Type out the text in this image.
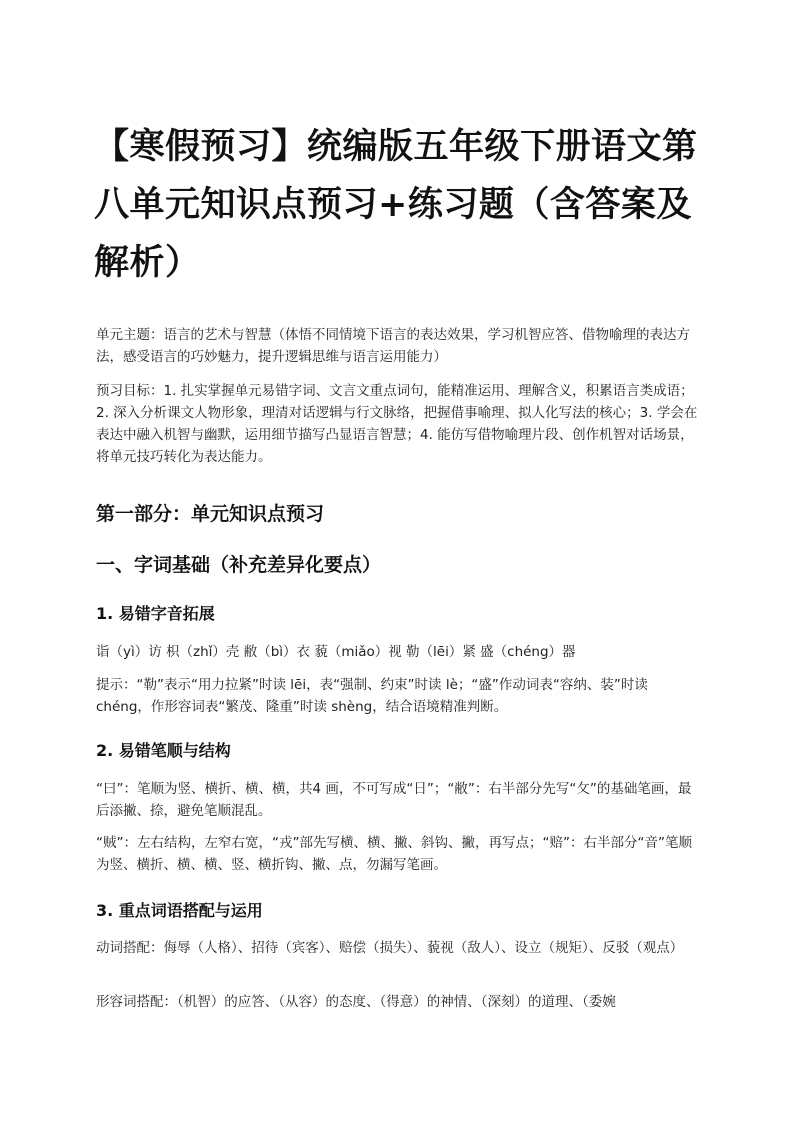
【寒假预习】统编版五年级下册语文第八单元知识点预习+练习题（含答案及解析）

单元主题：语言的艺术与智慧（体悟不同情境下语言的表达效果，学习机智应答、借物喻理的表达方法，感受语言的巧妙魅力，提升逻辑思维与语言运用能力）

预习目标：1. 扎实掌握单元易错字词、文言文重点词句，能精准运用、理解含义，积累语言类成语；2. 深入分析课文人物形象，理清对话逻辑与行文脉络，把握借事喻理、拟人化写法的核心；3. 学会在表达中融入机智与幽默，运用细节描写凸显语言智慧；4. 能仿写借物喻理片段、创作机智对话场景，将单元技巧转化为表达能力。

第一部分：单元知识点预习
一、字词基础（补充差异化要点）
1. 易错字音拓展

诣（yì）访 枳（zhǐ）壳 敝（bì）衣 藐（miǎo）视 勒（lēi）紧 盛（chéng）器

提示：“勒”表示“用力拉紧”时读 lēi，表“强制、约束”时读 lè；“盛”作动词表“容纳、装”时读 chéng，作形容词表“繁茂、隆重”时读 shèng，结合语境精准判断。

2. 易错笔顺与结构

“曰”：笔顺为竖、横折、横、横，共4 画，不可写成“日”；“敝”：右半部分先写“攵”的基础笔画，最后添撇、捺，避免笔顺混乱。

“贼”：左右结构，左窄右宽，“戎”部先写横、横、撇、斜钩、撇，再写点；“赔”：右半部分“音”笔顺为竖、横折、横、横、竖、横折钩、撇、点，勿漏写笔画。

3. 重点词语搭配与运用

动词搭配：侮辱（人格）、招待（宾客）、赔偿（损失）、藐视（敌人）、设立（规矩）、反驳（观点）

形容词搭配：（机智）的应答、（从容）的态度、（得意）的神情、（深刻）的道理、（委婉
